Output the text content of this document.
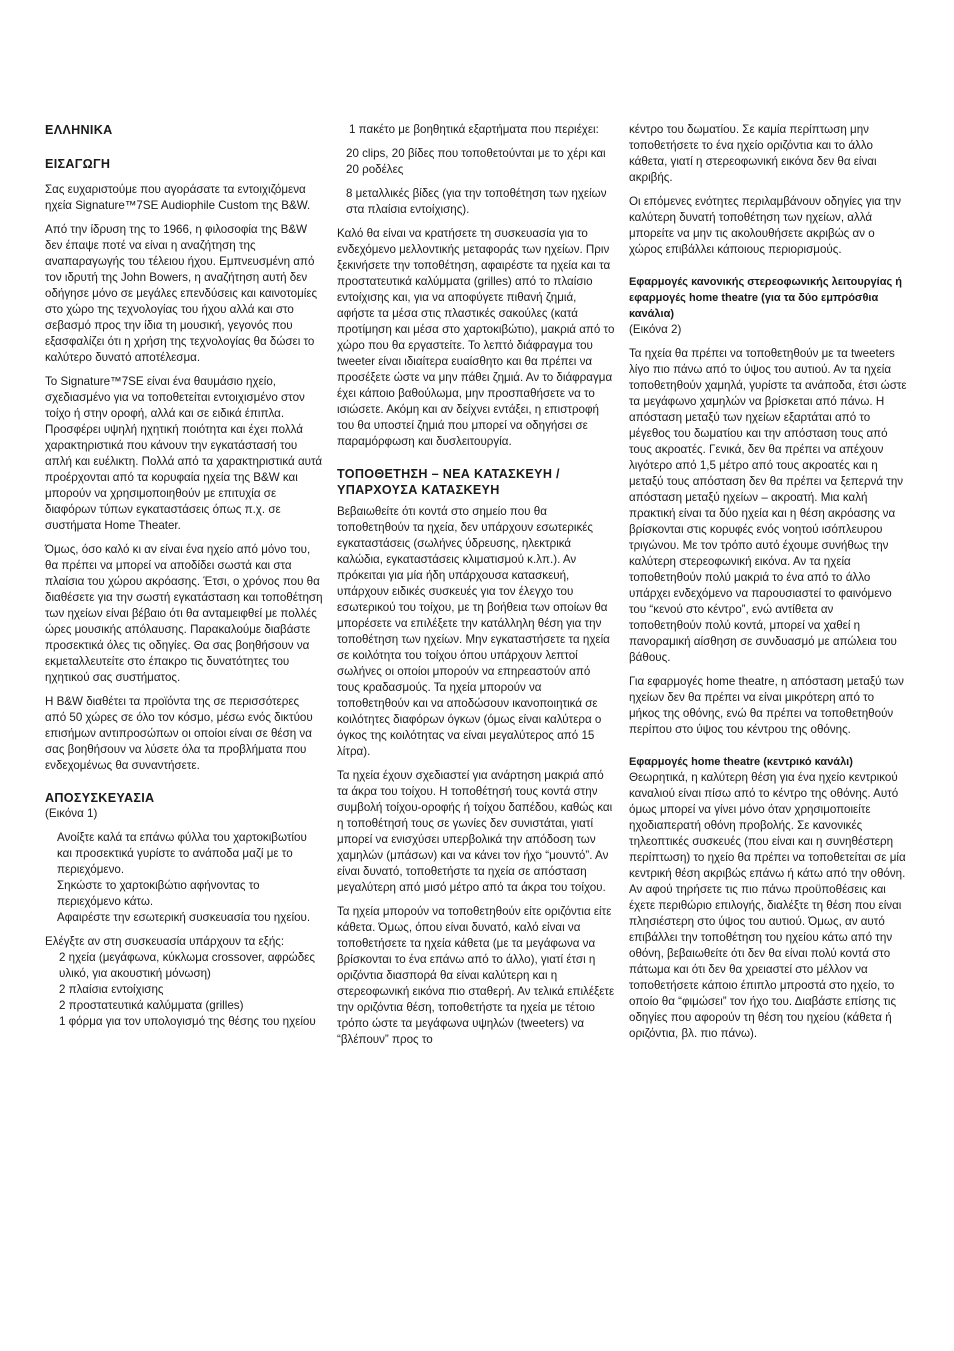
ΕΛΛΗΝΙΚΑ

ΕΙΣΑΓΩΓΗ

Σας ευχαριστούμε που αγοράσατε τα εντοιχιζόμενα ηχεία Signature™7SE Audiophile Custom της B&W.

Από την ίδρυση της το 1966, η φιλοσοφία της B&W δεν έπαψε ποτέ να είναι η αναζήτηση της αναπαραγωγής του τέλειου ήχου. Εμπνευσμένη από τον ιδρυτή της John Bowers, η αναζήτηση αυτή δεν οδήγησε μόνο σε μεγάλες επενδύσεις και καινοτομίες στο χώρο της τεχνολογίας του ήχου αλλά και στο σεβασμό προς την ίδια τη μουσική, γεγονός που εξασφαλίζει ότι η χρήση της τεχνολογίας θα δώσει το καλύτερο δυνατό αποτέλεσμα.

Το Signature™7SE είναι ένα θαυμάσιο ηχείο, σχεδιασμένο για να τοποθετείται εντοιχισμένο στον τοίχο ή στην οροφή, αλλά και σε ειδικά έπιπλα. Προσφέρει υψηλή ηχητική ποιότητα και έχει πολλά χαρακτηριστικά που κάνουν την εγκατάστασή του απλή και ευέλικτη. Πολλά από τα χαρακτηριστικά αυτά προέρχονται από τα κορυφαία ηχεία της B&W και μπορούν να χρησιμοποιηθούν με επιτυχία σε διαφόρων τύπων εγκαταστάσεις όπως π.χ. σε συστήματα Home Theater.

Όμως, όσο καλό κι αν είναι ένα ηχείο από μόνο του, θα πρέπει να μπορεί να αποδίδει σωστά και στα πλαίσια του χώρου ακρόασης. Έτσι, ο χρόνος που θα διαθέσετε για την σωστή εγκατάσταση και τοποθέτηση των ηχείων είναι βέβαιο ότι θα ανταμειφθεί με πολλές ώρες μουσικής απόλαυσης. Παρακαλούμε διαβάστε προσεκτικά όλες τις οδηγίες. Θα σας βοηθήσουν να εκμεταλλευτείτε στο έπακρο τις δυνατότητες του ηχητικού σας συστήματος.

Η B&W διαθέτει τα προϊόντα της σε περισσότερες από 50 χώρες σε όλο τον κόσμο, μέσω ενός δικτύου επισήμων αντιπροσώπων οι οποίοι είναι σε θέση να σας βοηθήσουν να λύσετε όλα τα προβλήματα που ενδεχομένως θα συναντήσετε.

ΑΠΟΣΥΣΚΕΥΑΣΙΑ

(Εικόνα 1)

Ανοίξτε καλά τα επάνω φύλλα του χαρτοκιβωτίου και προσεκτικά γυρίστε το ανάποδα μαζί με το περιεχόμενο.

Σηκώστε το χαρτοκιβώτιο αφήνοντας το περιεχόμενο κάτω.

Αφαιρέστε την εσωτερική συσκευασία του ηχείου.

Ελέγξτε αν στη συσκευασία υπάρχουν τα εξής:

2 ηχεία (μεγάφωνα, κύκλωμα crossover, αφρώδες υλικό, για ακουστική μόνωση)

2 πλαίσια εντοίχισης

2 προστατευτικά καλύμματα (grilles)

1 φόρμα για τον υπολογισμό της θέσης του ηχείου

1 πακέτο με βοηθητικά εξαρτήματα που περιέχει:

20 clips, 20 βίδες που τοποθετούνται με το χέρι και 20 ροδέλες

8 μεταλλικές βίδες (για την τοποθέτηση των ηχείων στα πλαίσια εντοίχισης).

Καλό θα είναι να κρατήσετε τη συσκευασία για το ενδεχόμενο μελλοντικής μεταφοράς των ηχείων. Πριν ξεκινήσετε την τοποθέτηση, αφαιρέστε τα ηχεία και τα προστατευτικά καλύμματα (grilles) από το πλαίσιο εντοίχισης και, για να αποφύγετε πιθανή ζημιά, αφήστε τα μέσα στις πλαστικές σακούλες (κατά προτίμηση και μέσα στο χαρτοκιβώτιο), μακριά από το χώρο που θα εργαστείτε. Το λεπτό διάφραγμα του tweeter είναι ιδιαίτερα ευαίσθητο και θα πρέπει να προσέξετε ώστε να μην πάθει ζημιά. Αν το διάφραγμα έχει κάποιο βαθούλωμα, μην προσπαθήσετε να το ισιώσετε. Ακόμη και αν δείχνει εντάξει, η επιστροφή του θα υποστεί ζημιά που μπορεί να οδηγήσει σε παραμόρφωση και δυσλειτουργία.

ΤΟΠΟΘΕΤΗΣΗ – ΝΕΑ ΚΑΤΑΣΚΕΥΗ / ΥΠΑΡΧΟΥΣΑ ΚΑΤΑΣΚΕΥΗ

Βεβαιωθείτε ότι κοντά στο σημείο που θα τοποθετηθούν τα ηχεία, δεν υπάρχουν εσωτερικές εγκαταστάσεις (σωλήνες ύδρευσης, ηλεκτρικά καλώδια, εγκαταστάσεις κλιματισμού κ.λπ.). Αν πρόκειται για μία ήδη υπάρχουσα κατασκευή, υπάρχουν ειδικές συσκευές για τον έλεγχο του εσωτερικού του τοίχου, με τη βοήθεια των οποίων θα μπορέσετε να επιλέξετε την κατάλληλη θέση για την τοποθέτηση των ηχείων. Μην εγκαταστήσετε τα ηχεία σε κοιλότητα του τοίχου όπου υπάρχουν λεπτοί σωλήνες οι οποίοι μπορούν να επηρεαστούν από τους κραδασμούς. Τα ηχεία μπορούν να τοποθετηθούν και να αποδώσουν ικανοποιητικά σε κοιλότητες διαφόρων όγκων (όμως είναι καλύτερα ο όγκος της κοιλότητας να είναι μεγαλύτερος από 15 λίτρα).

Τα ηχεία έχουν σχεδιαστεί για ανάρτηση μακριά από τα άκρα του τοίχου. Η τοποθέτησή τους κοντά στην συμβολή τοίχου-οροφής ή τοίχου δαπέδου, καθώς και η τοποθέτησή τους σε γωνίες δεν συνιστάται, γιατί μπορεί να ενισχύσει υπερβολικά την απόδοση των χαμηλών (μπάσων) και να κάνει τον ήχο “μουντό”. Αν είναι δυνατό, τοποθετήστε τα ηχεία σε απόσταση μεγαλύτερη από μισό μέτρο από τα άκρα του τοίχου.

Τα ηχεία μπορούν να τοποθετηθούν είτε οριζόντια είτε κάθετα. Όμως, όπου είναι δυνατό, καλό είναι να τοποθετήσετε τα ηχεία κάθετα (με τα μεγάφωνα να βρίσκονται το ένα επάνω από το άλλο), γιατί έτσι η οριζόντια διασπορά θα είναι καλύτερη και η στερεοφωνική εικόνα πιο σταθερή. Αν τελικά επιλέξετε την οριζόντια θέση, τοποθετήστε τα ηχεία με τέτοιο τρόπο ώστε τα μεγάφωνα υψηλών (tweeters) να “βλέπουν” προς το

κέντρο του δωματίου. Σε καμία περίπτωση μην τοποθετήσετε το ένα ηχείο οριζόντια και το άλλο κάθετα, γιατί η στερεοφωνική εικόνα δεν θα είναι ακριβής.

Οι επόμενες ενότητες περιλαμβάνουν οδηγίες για την καλύτερη δυνατή τοποθέτηση των ηχείων, αλλά μπορείτε να μην τις ακολουθήσετε ακριβώς αν ο χώρος επιβάλλει κάποιους περιορισμούς.

Εφαρμογές κανονικής στερεοφωνικής λειτουργίας ή εφαρμογές home theatre (για τα δύο εμπρόσθια κανάλια)

(Εικόνα 2)

Τα ηχεία θα πρέπει να τοποθετηθούν με τα tweeters λίγο πιο πάνω από το ύψος του αυτιού. Αν τα ηχεία τοποθετηθούν χαμηλά, γυρίστε τα ανάποδα, έτσι ώστε τα μεγάφωνο χαμηλών να βρίσκεται από πάνω. Η απόσταση μεταξύ των ηχείων εξαρτάται από το μέγεθος του δωματίου και την απόσταση τους από τους ακροατές. Γενικά, δεν θα πρέπει να απέχουν λιγότερο από 1,5 μέτρο από τους ακροατές και η μεταξύ τους απόσταση δεν θα πρέπει να ξεπερνά την απόσταση μεταξύ ηχείων – ακροατή. Μια καλή πρακτική είναι τα δύο ηχεία και η θέση ακρόασης να βρίσκονται στις κορυφές ενός νοητού ισόπλευρου τριγώνου. Με τον τρόπο αυτό έχουμε συνήθως την καλύτερη στερεοφωνική εικόνα. Αν τα ηχεία τοποθετηθούν πολύ μακριά το ένα από το άλλο υπάρχει ενδεχόμενο να παρουσιαστεί το φαινόμενο του “κενού στο κέντρο”, ενώ αντίθετα αν τοποθετηθούν πολύ κοντά, μπορεί να χαθεί η πανοραμική αίσθηση σε συνδυασμό με απώλεια του βάθους.

Για εφαρμογές home theatre, η απόσταση μεταξύ των ηχείων δεν θα πρέπει να είναι μικρότερη από το μήκος της οθόνης, ενώ θα πρέπει να τοποθετηθούν περίπου στο ύψος του κέντρου της οθόνης.

Εφαρμογές home theatre (κεντρικό κανάλι)

Θεωρητικά, η καλύτερη θέση για ένα ηχείο κεντρικού καναλιού είναι πίσω από το κέντρο της οθόνης. Αυτό όμως μπορεί να γίνει μόνο όταν χρησιμοποιείτε ηχοδιαπερατή οθόνη προβολής. Σε κανονικές τηλεοπτικές συσκευές (που είναι και η συνηθέστερη περίπτωση) το ηχείο θα πρέπει να τοποθετείται σε μία κεντρική θέση ακριβώς επάνω ή κάτω από την οθόνη. Αν αφού τηρήσετε τις πιο πάνω προϋποθέσεις και έχετε περιθώριο επιλογής, διαλέξτε τη θέση που είναι πλησιέστερη στο ύψος του αυτιού. Όμως, αν αυτό επιβάλλει την τοποθέτηση του ηχείου κάτω από την οθόνη, βεβαιωθείτε ότι δεν θα είναι πολύ κοντά στο πάτωμα και ότι δεν θα χρειαστεί στο μέλλον να τοποθετήσετε κάποιο έπιπλο μπροστά στο ηχείο, το οποίο θα “φιμώσει” τον ήχο του. Διαβάστε επίσης τις οδηγίες που αφορούν τη θέση του ηχείου (κάθετα ή οριζόντια, βλ. πιο πάνω).
